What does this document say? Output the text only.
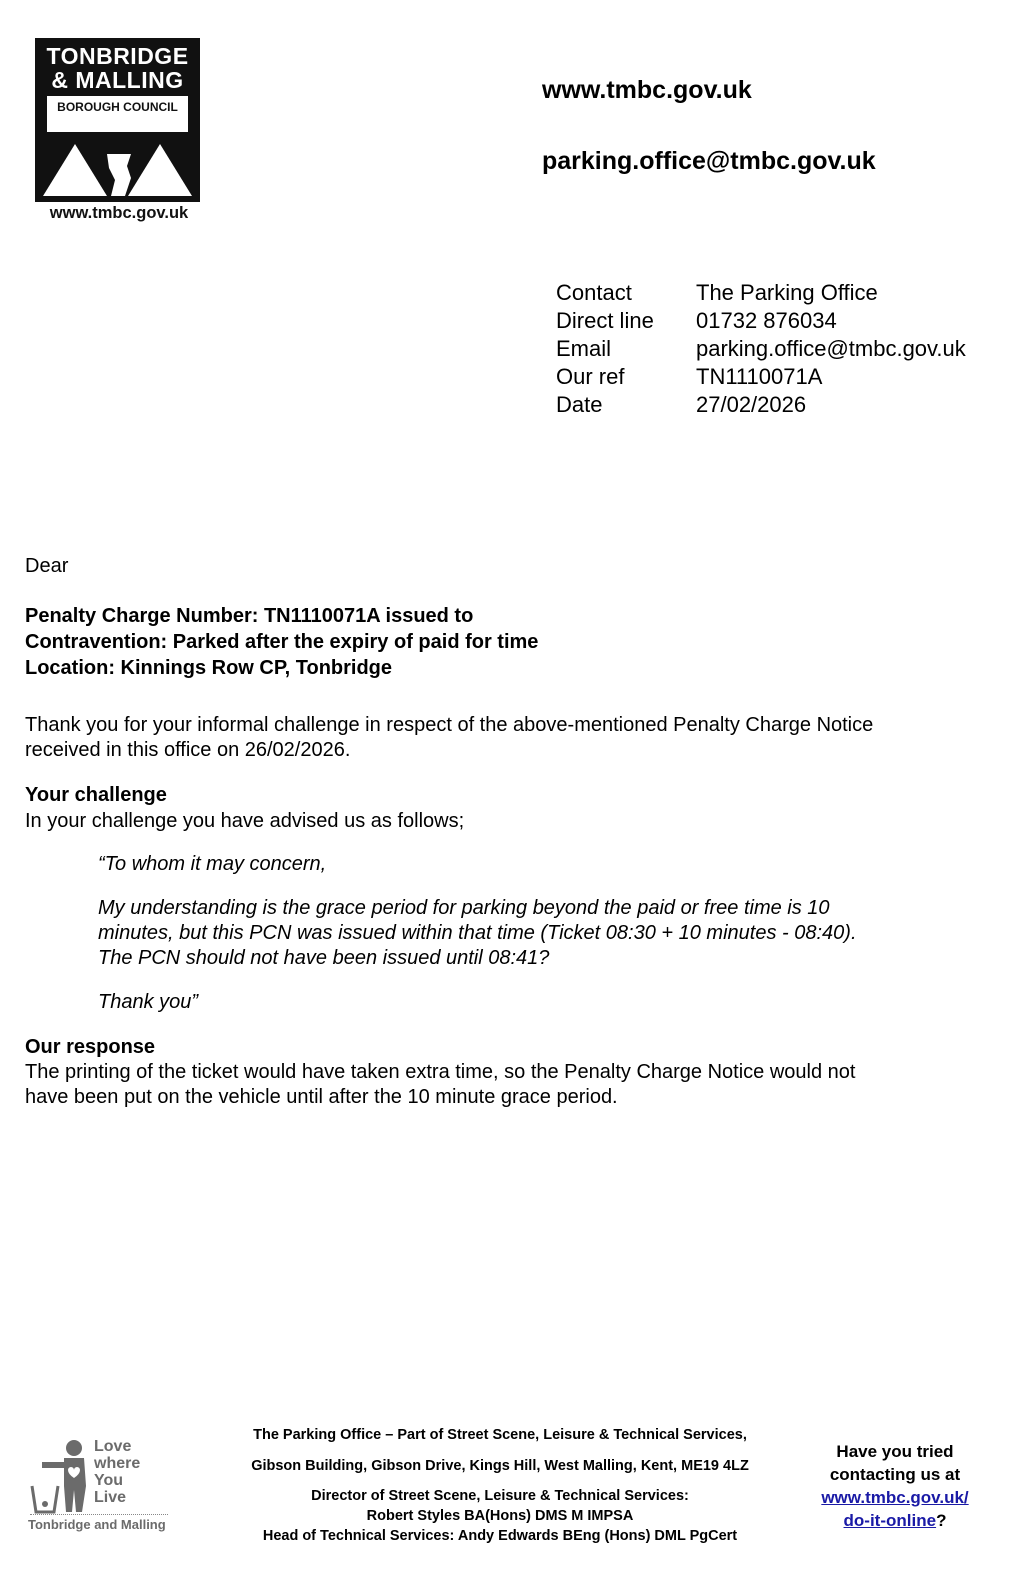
TONBRIDGE
& MALLING
BOROUGH COUNCIL
www.tmbc.gov.uk
www.tmbc.gov.uk
parking.office@tmbc.gov.uk
Contact	The Parking Office
Direct line	01732 876034
Email	parking.office@tmbc.gov.uk
Our ref	TN1110071A
Date	27/02/2026
Dear
Penalty Charge Number: TN1110071A issued to
Contravention: Parked after the expiry of paid for time
Location: Kinnings Row CP, Tonbridge
Thank you for your informal challenge in respect of the above-mentioned Penalty Charge Notice
received in this office on 26/02/2026.
Your challenge
In your challenge you have advised us as follows;
“To whom it may concern,
My understanding is the grace period for parking beyond the paid or free time is 10
minutes, but this PCN was issued within that time (Ticket 08:30 + 10 minutes - 08:40).
The PCN should not have been issued until 08:41?
Thank you”
Our response
The printing of the ticket would have taken extra time, so the Penalty Charge Notice would not
have been put on the vehicle until after the 10 minute grace period.
Love
where
You
Live
Tonbridge and Malling
The Parking Office – Part of Street Scene, Leisure & Technical Services,
Gibson Building, Gibson Drive, Kings Hill, West Malling, Kent, ME19 4LZ
Director of Street Scene, Leisure & Technical Services:
Robert Styles BA(Hons) DMS M IMPSA
Head of Technical Services: Andy Edwards BEng (Hons) DML PgCert
Have you tried
contacting us at
www.tmbc.gov.uk/
do-it-online?
